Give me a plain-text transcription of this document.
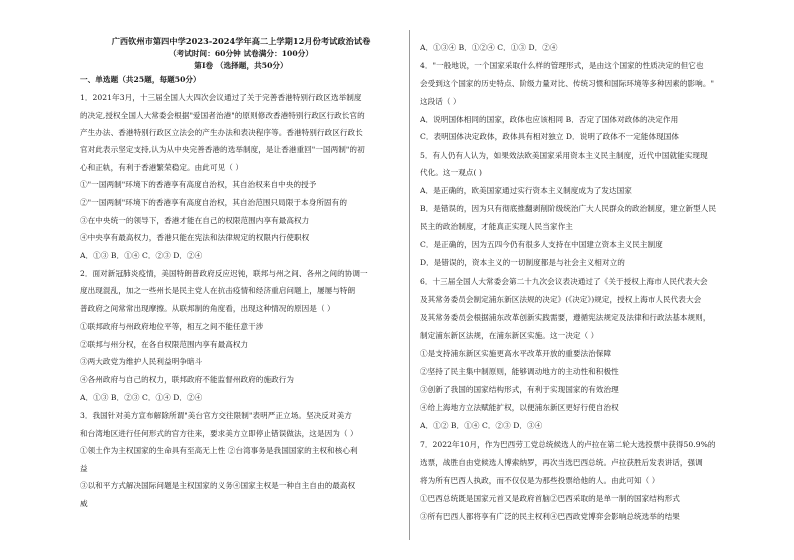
广西钦州市第四中学2023-2024学年高二上学期12月份考试政治试卷
（考试时间：60分钟 试卷满分：100分）
第Ⅰ卷 （选择题，共50分）
一、单选题（共25题，每题50分）
1．2021年3月，十三届全国人大四次会议通过了关于完善香港特别行政区选举制度
的决定,授权全国人大常委会根据"爱国者治港"的原则修改香港特别行政区行政长官的
产生办法、香港特别行政区立法会的产生办法和表决程序等。香港特别行政区行政长
官对此表示坚定支持,认为从中央完善香港的选举制度，是让香港重回"一国两制"的初
心和正轨，有利于香港繁荣稳定。由此可见（ ）
①"一国两制"环境下的香港享有高度自治权，其自治权来自中央的授予
②"一国两制"环境下的香港享有高度自治权，其自治范围只局限于本身所固有的
③在中央统一的领导下，香港才能在自己的权限范围内享有最高权力
④中央享有最高权力，香港只能在宪法和法律规定的权限内行使职权
A．①③ B．①④ C．②③ D．②④
2．面对新冠肺炎疫情，美国特朗普政府反应迟钝，联邦与州之间、各州之间的协调一
度出现混乱，加之一些州长是民主党人在抗击疫情和经济重启问题上，屡屡与特朗
普政府之间常常出现摩擦。从联邦制的角度看，出现这种情况的原因是（ ）
①联邦政府与州政府地位平等，相互之间不能任意干涉
②联邦与州分权，在各自权限范围内享有最高权力
③两大政党为维护人民利益明争暗斗
④各州政府与自己的权力，联邦政府不能监督州政府的施政行为
A．①③ B．②③ C．①④ D．②④
3．我国针对美方宣布解除所谓"美台官方交往限制"表明严正立场。坚决反对美方
和台湾地区进行任何形式的官方往来，要求美方立即停止错误做法，这是因为（ ）
①领土作为主权国家的生命具有至高无上性 ②台湾事务是我国国家的主权和核心利
益
③以和平方式解决国际问题是主权国家的义务④国家主权是一种自主自由的最高权
威
A．①③④ B．①②④ C．①③ D．②④
4．"一般地说，一个国家采取什么样的管理形式，是由这个国家的性质决定的但它也
会受到这个国家的历史特点、阶级力量对比、传统习惯和国际环境等多种因素的影响。"
这段话（ ）
A．说明国体相同的国家，政体也应该相同 B．否定了国体对政体的决定作用
C．表明国体决定政体，政体具有相对独立 D．说明了政体不一定能体现国体
5．有人仍有人认为，如果效法欧美国家采用资本主义民主制度，近代中国就能实现现
代化。这一观点( )
A．是正确的，欧美国家通过实行资本主义制度成为了发达国家
B．是错误的，因为只有彻底推翻剥削阶级统治广大人民群众的政治制度，建立新型人民
民主的政治制度，才能真正实现人民当家作主
C．是正确的，因为五四今仍有很多人支持在中国建立资本主义民主制度
D．是错误的，资本主义的一切制度都是与社会主义相对立的
6．十三届全国人大常委会第二十九次会议表决通过了《关于授权上海市人民代表大会
及其常务委员会制定浦东新区法规的决定》(《决定》)规定，授权上海市人民代表大会
及其常务委员会根据浦东改革创新实践需要，遵循宪法规定及法律和行政法基本规则，
制定浦东新区法规，在浦东新区实施。这一决定（ ）
①是支持浦东新区实施更高水平改革开放的重要法治保障
②坚持了民主集中制原则，能够调动地方的主动性和积极性
③创新了我国的国家结构形式，有利于实现国家的有效治理
④给上海地方立法赋能扩权，以便浦东新区更好行使自治权
A．①② B．①④ C．②③ D．③④
7．2022年10月，作为巴西劳工党总统候选人的卢拉在第二轮大选投票中获得50.9%的
选票，战胜自由党候选人博索纳罗，再次当选巴西总统。卢拉获胜后发表讲话，强调
将为所有巴西人执政，而不仅仅是为那些投票给他的人。由此可知（ ）
①巴西总统既是国家元首又是政府首脑②巴西采取的是单一制的国家结构形式
③所有巴西人都将享有广泛的民主权利④巴西政党博弈会影响总统选举的结果
